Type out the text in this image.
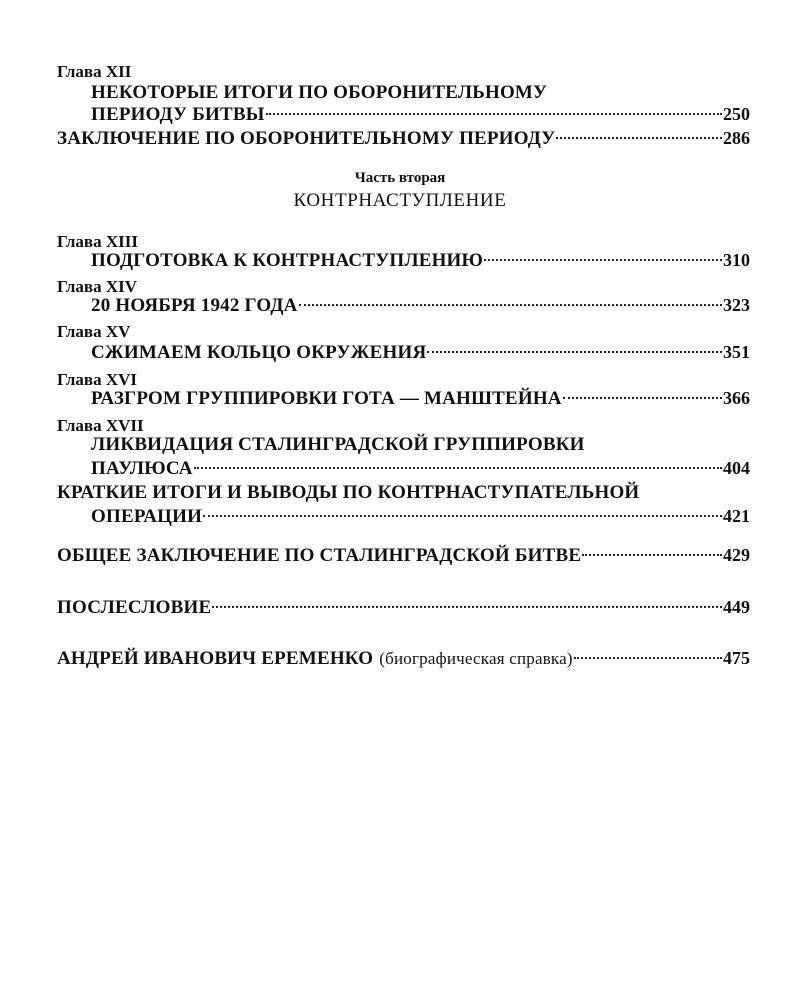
Глава XII
НЕКОТОРЫЕ ИТОГИ ПО ОБОРОНИТЕЛЬНОМУ
ПЕРИОДУ БИТВЫ	250
ЗАКЛЮЧЕНИЕ ПО ОБОРОНИТЕЛЬНОМУ ПЕРИОДУ	286
Часть вторая
КОНТРНАСТУПЛЕНИЕ
Глава XIII
ПОДГОТОВКА К КОНТРНАСТУПЛЕНИЮ	310
Глава XIV
20 НОЯБРЯ 1942 ГОДА	323
Глава XV
СЖИМАЕМ КОЛЬЦО ОКРУЖЕНИЯ	351
Глава XVI
РАЗГРОМ ГРУППИРОВКИ ГОТА — МАНШТЕЙНА	366
Глава XVII
ЛИКВИДАЦИЯ СТАЛИНГРАДСКОЙ ГРУППИРОВКИ
ПАУЛЮСА	404
КРАТКИЕ ИТОГИ И ВЫВОДЫ ПО КОНТРНАСТУПАТЕЛЬНОЙ
ОПЕРАЦИИ	421
ОБЩЕЕ ЗАКЛЮЧЕНИЕ ПО СТАЛИНГРАДСКОЙ БИТВЕ	429
ПОСЛЕСЛОВИЕ	449
АНДРЕЙ ИВАНОВИЧ ЕРЕМЕНКО (биографическая справка)	475
